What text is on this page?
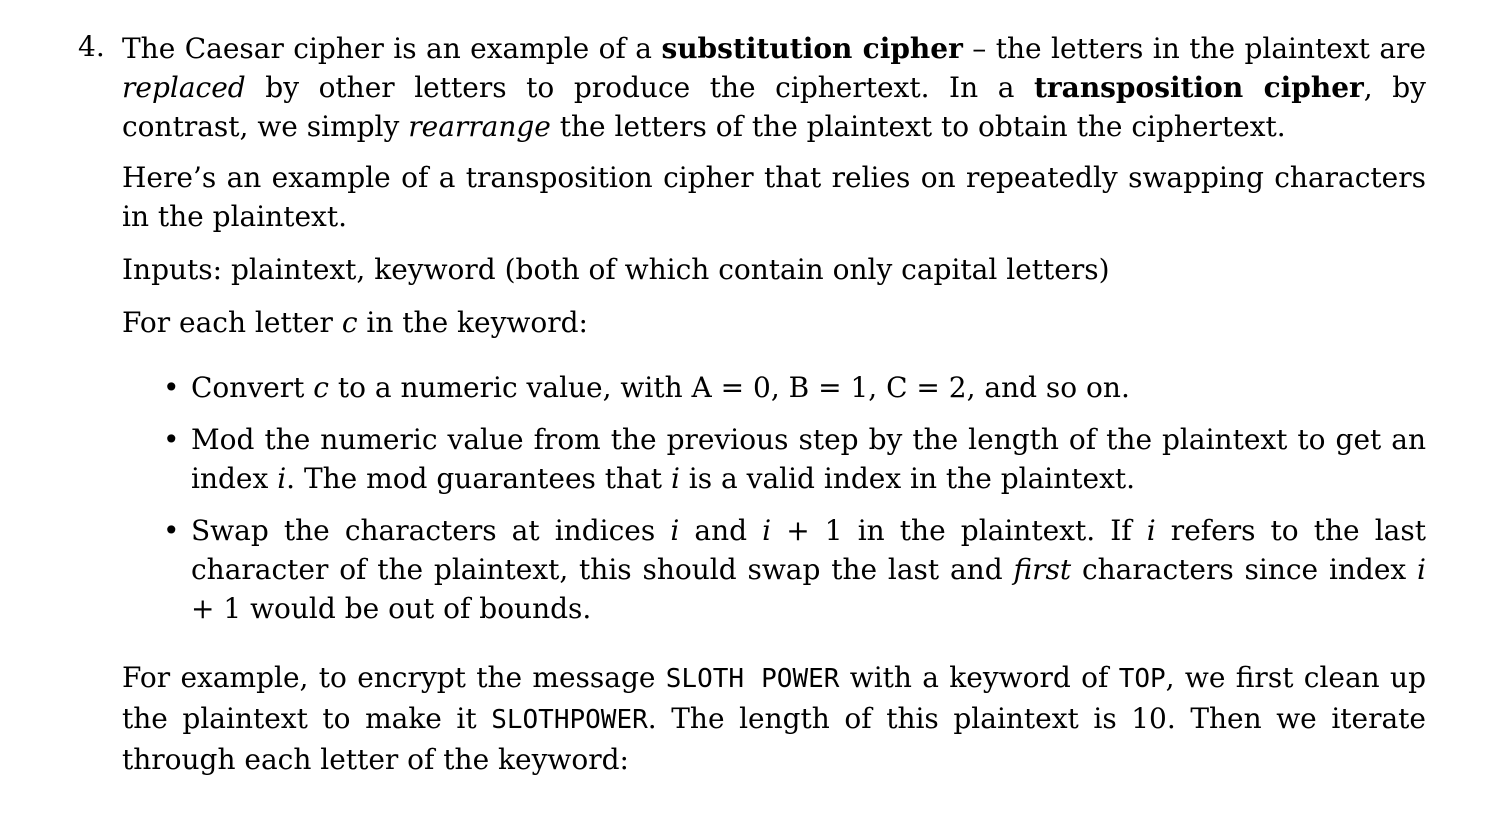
4. The Caesar cipher is an example of a substitution cipher – the letters in the plaintext are replaced by other letters to produce the ciphertext. In a transposition cipher, by contrast, we simply rearrange the letters of the plaintext to obtain the ciphertext.

Here’s an example of a transposition cipher that relies on repeatedly swapping characters in the plaintext.

Inputs: plaintext, keyword (both of which contain only capital letters)

For each letter c in the keyword:

• Convert c to a numeric value, with A = 0, B = 1, C = 2, and so on.
• Mod the numeric value from the previous step by the length of the plaintext to get an index i. The mod guarantees that i is a valid index in the plaintext.
• Swap the characters at indices i and i + 1 in the plaintext. If i refers to the last character of the plaintext, this should swap the last and first characters since index i + 1 would be out of bounds.

For example, to encrypt the message SLOTH POWER with a keyword of TOP, we first clean up the plaintext to make it SLOTHPOWER. The length of this plaintext is 10. Then we iterate through each letter of the keyword:
